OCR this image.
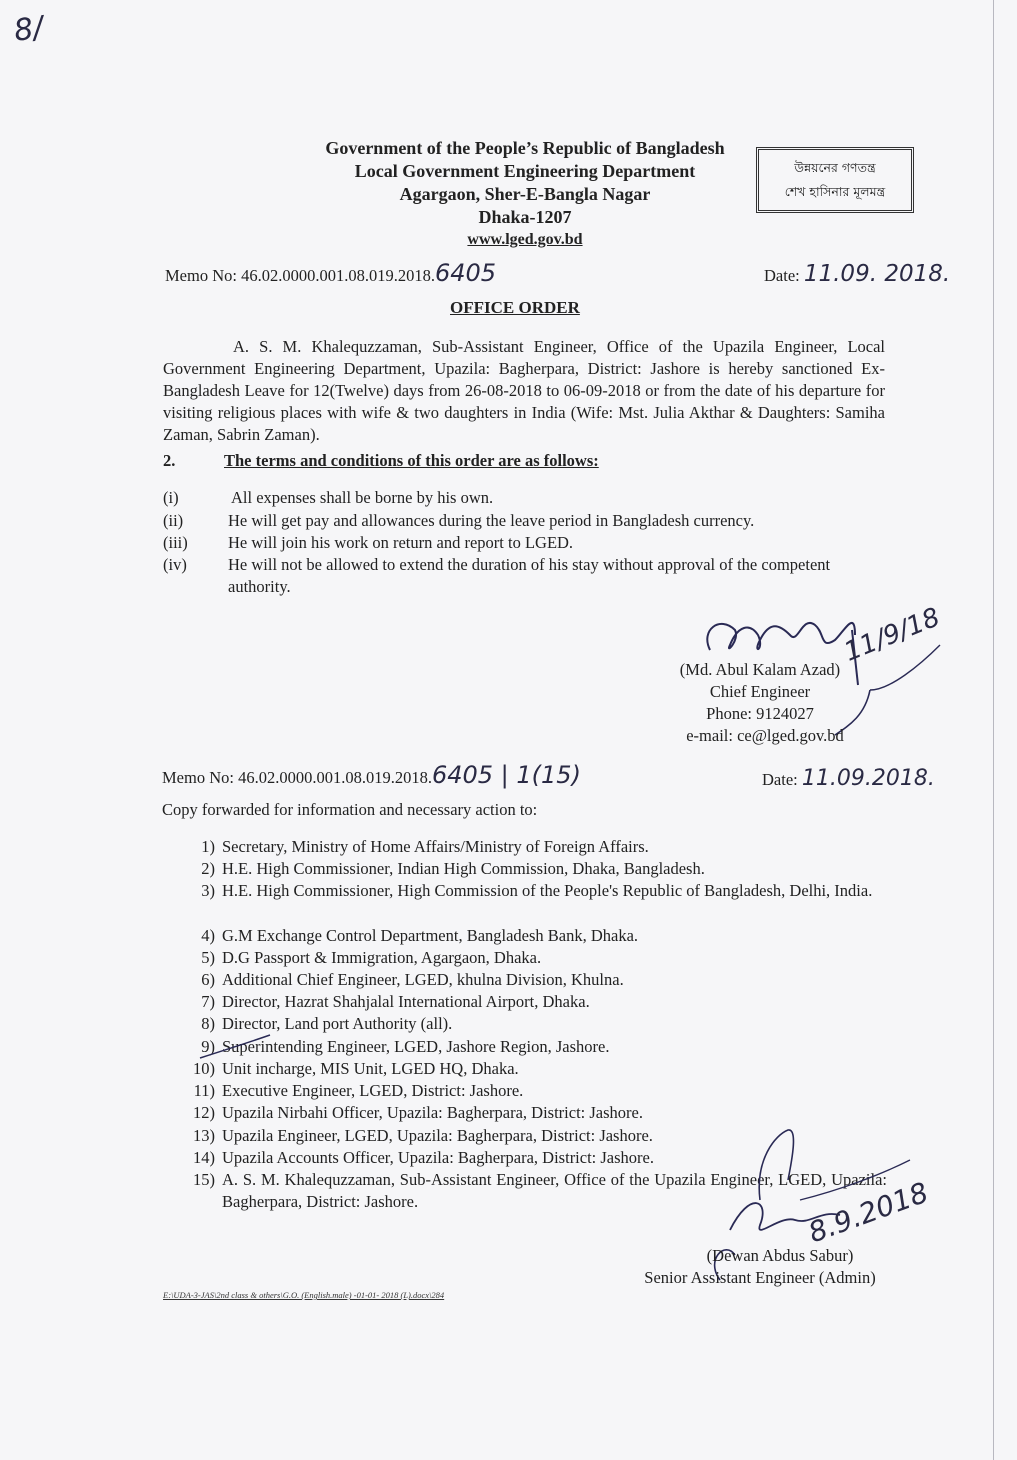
8/
Government of the People’s Republic of Bangladesh
Local Government Engineering Department
Agargaon, Sher-E-Bangla Nagar
Dhaka-1207
www.lged.gov.bd
উন্নয়নের গণতন্ত্র
শেখ হাসিনার মূলমন্ত্র
Memo No: 46.02.0000.001.08.019.2018.6405	Date: 11.09. 2018.
OFFICE ORDER
A. S. M. Khalequzzaman, Sub-Assistant Engineer, Office of the Upazila Engineer, Local Government Engineering Department, Upazila: Bagherpara, District: Jashore is hereby sanctioned Ex-Bangladesh Leave for 12(Twelve) days from 26-08-2018 to 06-09-2018 or from the date of his departure for visiting religious places with wife & two daughters in India (Wife: Mst. Julia Akthar & Daughters: Samiha Zaman, Sabrin Zaman).
2.	The terms and conditions of this order are as follows:
(i)	All expenses shall be borne by his own.
(ii)	He will get pay and allowances during the leave period in Bangladesh currency.
(iii)	He will join his work on return and report to LGED.
(iv)	He will not be allowed to extend the duration of his stay without approval of the competent authority.
11/9/18
(Md. Abul Kalam Azad)
Chief Engineer
Phone: 9124027
e-mail: ce@lged.gov.bd
Memo No: 46.02.0000.001.08.019.2018.6405 | 1(15)	Date: 11.09.2018.
Copy forwarded for information and necessary action to:
1) Secretary, Ministry of Home Affairs/Ministry of Foreign Affairs.
2) H.E. High Commissioner, Indian High Commission, Dhaka, Bangladesh.
3) H.E. High Commissioner, High Commission of the People's Republic of Bangladesh, Delhi, India.
4) G.M Exchange Control Department, Bangladesh Bank, Dhaka.
5) D.G Passport & Immigration, Agargaon, Dhaka.
6) Additional Chief Engineer, LGED, khulna Division, Khulna.
7) Director, Hazrat Shahjalal International Airport, Dhaka.
8) Director, Land port Authority (all).
9) Superintending Engineer, LGED, Jashore Region, Jashore.
10) Unit incharge, MIS Unit, LGED HQ, Dhaka.
11) Executive Engineer, LGED, District: Jashore.
12) Upazila Nirbahi Officer, Upazila: Bagherpara, District: Jashore.
13) Upazila Engineer, LGED, Upazila: Bagherpara, District: Jashore.
14) Upazila Accounts Officer, Upazila: Bagherpara, District: Jashore.
15) A. S. M. Khalequzzaman, Sub-Assistant Engineer, Office of the Upazila Engineer, LGED, Upazila: Bagherpara, District: Jashore.	8.9.2018
(Dewan Abdus Sabur)
Senior Assistant Engineer (Admin)
E:\UDA-3-JAS\2nd class & others\G.O. (English.male) -01-01- 2018 (L).docx\284
